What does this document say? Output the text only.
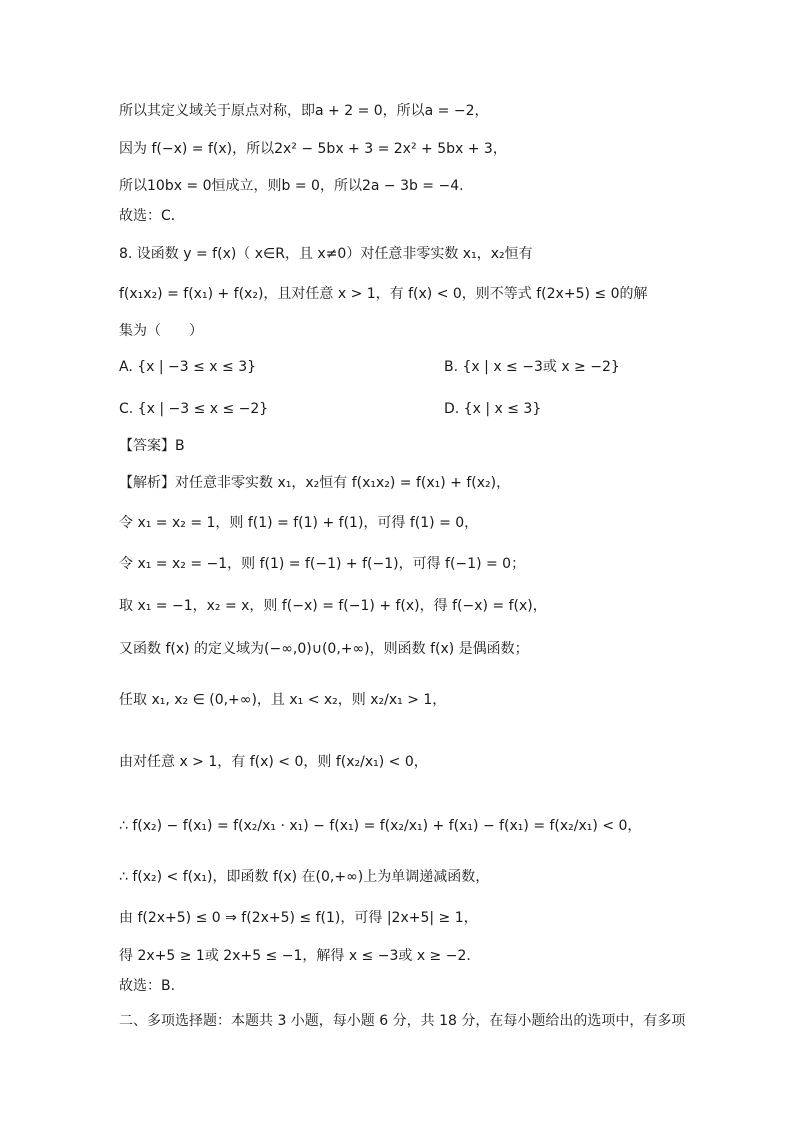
所以其定义域关于原点对称，即a + 2 = 0，所以a = −2，
因为 f(−x) = f(x)，所以2x² − 5bx + 3 = 2x² + 5bx + 3，
所以10bx = 0恒成立，则b = 0，所以2a − 3b = −4.
故选：C．
8. 设函数 y = f(x)（ x∈R，且 x≠0）对任意非零实数 x₁，x₂恒有
f(x₁x₂) = f(x₁) + f(x₂)，且对任意 x > 1，有 f(x) < 0，则不等式 f(2x+5) ≤ 0的解
集为（　　）
A. {x | −3 ≤ x ≤ 3}	B. {x | x ≤ −3或 x ≥ −2}
C. {x | −3 ≤ x ≤ −2}	D. {x | x ≤ 3}
【答案】B
【解析】对任意非零实数 x₁，x₂恒有 f(x₁x₂) = f(x₁) + f(x₂)，
令 x₁ = x₂ = 1，则 f(1) = f(1) + f(1)，可得 f(1) = 0，
令 x₁ = x₂ = −1，则 f(1) = f(−1) + f(−1)，可得 f(−1) = 0；
取 x₁ = −1，x₂ = x，则 f(−x) = f(−1) + f(x)，得 f(−x) = f(x)，
又函数 f(x) 的定义域为(−∞,0)∪(0,+∞)，则函数 f(x) 是偶函数；
任取 x₁, x₂ ∈ (0,+∞)，且 x₁ < x₂，则 x₂/x₁ > 1，
由对任意 x > 1，有 f(x) < 0，则 f(x₂/x₁) < 0，
∴ f(x₂) − f(x₁) = f(x₂/x₁ · x₁) − f(x₁) = f(x₂/x₁) + f(x₁) − f(x₁) = f(x₂/x₁) < 0，
∴ f(x₂) < f(x₁)，即函数 f(x) 在(0,+∞)上为单调递减函数，
由 f(2x+5) ≤ 0 ⇒ f(2x+5) ≤ f(1)，可得 |2x+5| ≥ 1，
得 2x+5 ≥ 1或 2x+5 ≤ −1，解得 x ≤ −3或 x ≥ −2.
故选：B.
二、多项选择题：本题共 3 小题，每小题 6 分，共 18 分，在每小题给出的选项中，有多项
